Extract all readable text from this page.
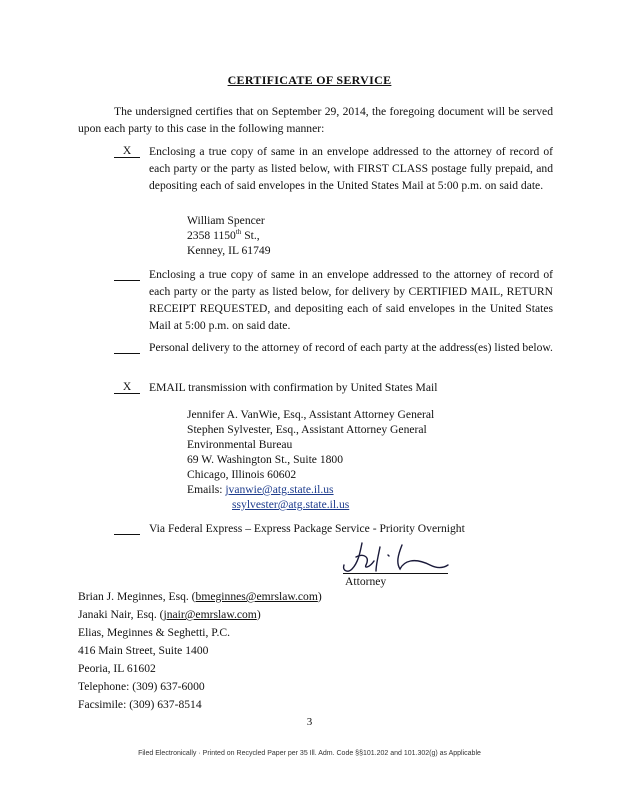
CERTIFICATE OF SERVICE
The undersigned certifies that on September 29, 2014, the foregoing document will be served upon each party to this case in the following manner:
X	Enclosing a true copy of same in an envelope addressed to the attorney of record of each party or the party as listed below, with FIRST CLASS postage fully prepaid, and depositing each of said envelopes in the United States Mail at 5:00 p.m. on said date.
William Spencer
2358 1150th St.,
Kenney, IL 61749
Enclosing a true copy of same in an envelope addressed to the attorney of record of each party or the party as listed below, for delivery by CERTIFIED MAIL, RETURN RECEIPT REQUESTED, and depositing each of said envelopes in the United States Mail at 5:00 p.m. on said date.
Personal delivery to the attorney of record of each party at the address(es) listed below.
X	EMAIL transmission with confirmation by United States Mail
Jennifer A. VanWie, Esq., Assistant Attorney General
Stephen Sylvester, Esq., Assistant Attorney General
Environmental Bureau
69 W. Washington St., Suite 1800
Chicago, Illinois 60602
Emails: jvanwie@atg.state.il.us
ssylvester@atg.state.il.us
Via Federal Express – Express Package Service - Priority Overnight
Attorney
Brian J. Meginnes, Esq. (bmeginnes@emrslaw.com)
Janaki Nair, Esq. (jnair@emrslaw.com)
Elias, Meginnes & Seghetti, P.C.
416 Main Street, Suite 1400
Peoria, IL 61602
Telephone: (309) 637-6000
Facsimile: (309) 637-8514
3
Filed Electronically · Printed on Recycled Paper per 35 Ill. Adm. Code §§101.202 and 101.302(g) as Applicable
